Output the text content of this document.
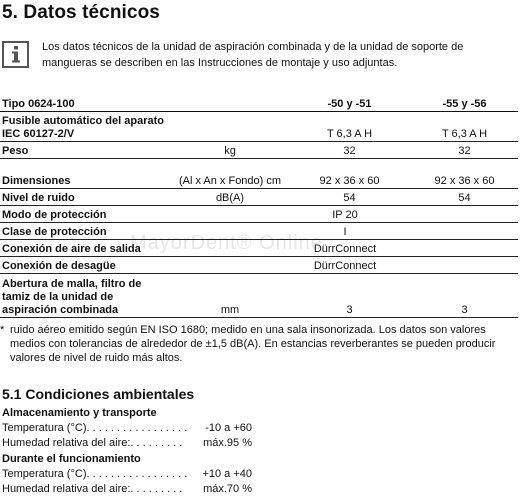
5. Datos técnicos
Los datos técnicos de la unidad de aspiración combinada y de la unidad de soporte de mangueras se describen en las Instrucciones de montaje y uso adjuntas.
Tipo 0624-100		-50 y -51	-55 y -56
Fusible automático del aparato IEC 60127-2/V		T 6,3 A H	T 6,3 A H
Peso	kg	32	32
Dimensiones	(Al x An x Fondo) cm	92 x 36 x 60	92 x 36 x 60
Nivel de ruido	dB(A)	54	54
Modo de protección	IP 20		
Clase de protección	I		
Conexión de aire de salida	DürrConnect		
Conexión de desagüe	DürrConnect		
Abertura de malla, filtro de tamiz de la unidad de aspiración combinada	mm	3	3
MayorDent® Online
* ruido aéreo emitido según EN ISO 1680; medido en una sala insonorizada. Los datos son valores medios con tolerancias de alrededor de ±1,5 dB(A). En estancias reverberantes se pueden producir valores de nivel de ruido más altos.
5.1 Condiciones ambientales
Almacenamiento y transporte
Temperatura (°C). . . . . . . . . . . . . . . . .	-10 a +60
Humedad relativa del aire:. . . . . . . . .	máx.95 %
Durante el funcionamiento
Temperatura (°C). . . . . . . . . . . . . . . . .	+10 a +40
Humedad relativa del aire:. . . . . . . . .	máx.70 %
